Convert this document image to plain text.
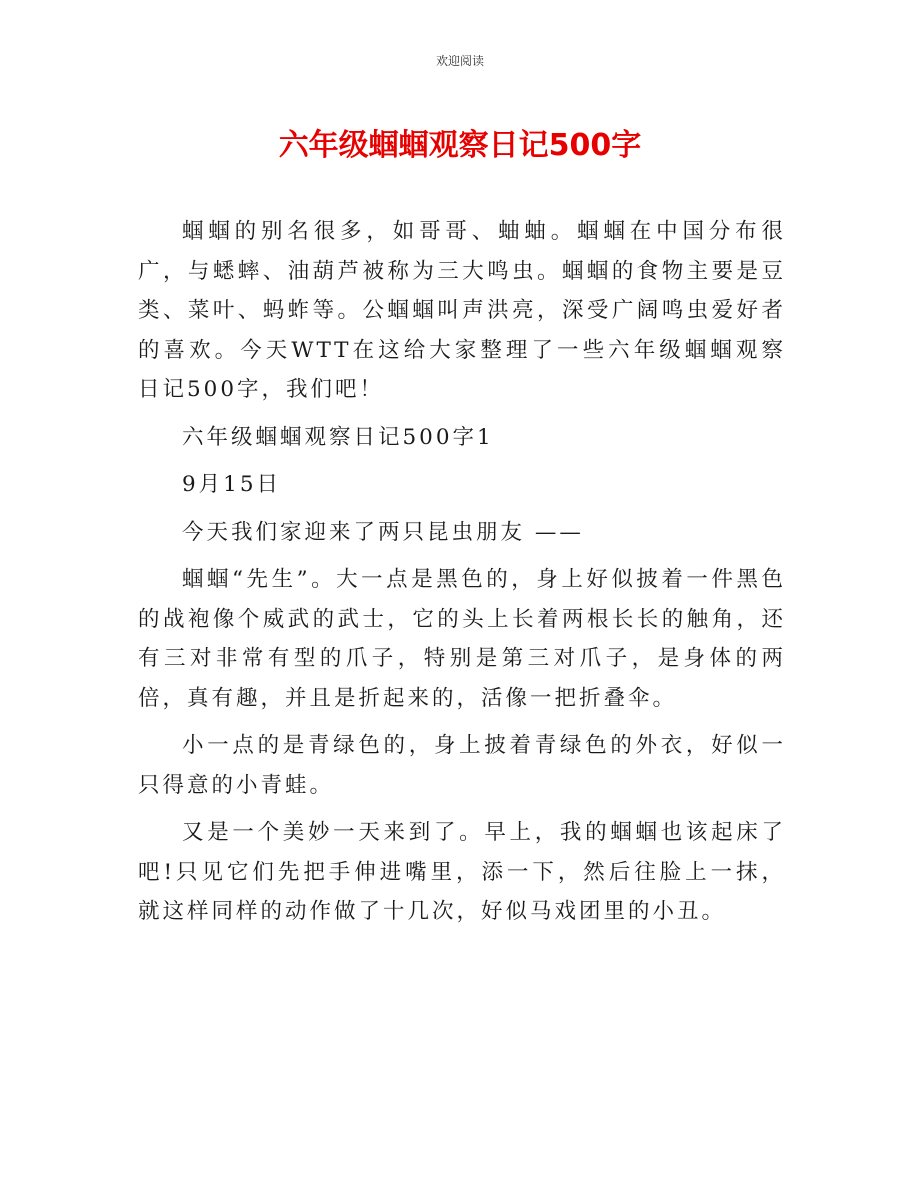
欢迎阅读
六年级蝈蝈观察日记500字

蝈蝈的别名很多，如哥哥、蚰蚰。蝈蝈在中国分布很广，与蟋蟀、油葫芦被称为三大鸣虫。蝈蝈的食物主要是豆类、菜叶、蚂蚱等。公蝈蝈叫声洪亮，深受广阔鸣虫爱好者的喜欢。今天WTT在这给大家整理了一些六年级蝈蝈观察日记500字，我们吧！

六年级蝈蝈观察日记500字1

9月15日

今天我们家迎来了两只昆虫朋友 ——

蝈蝈“先生”。大一点是黑色的，身上好似披着一件黑色的战袍像个威武的武士，它的头上长着两根长长的触角，还有三对非常有型的爪子，特别是第三对爪子，是身体的两倍，真有趣，并且是折起来的，活像一把折叠伞。

小一点的是青绿色的，身上披着青绿色的外衣，好似一只得意的小青蛙。

又是一个美妙一天来到了。早上，我的蝈蝈也该起床了吧!只见它们先把手伸进嘴里，添一下，然后往脸上一抹，就这样同样的动作做了十几次，好似马戏团里的小丑。
